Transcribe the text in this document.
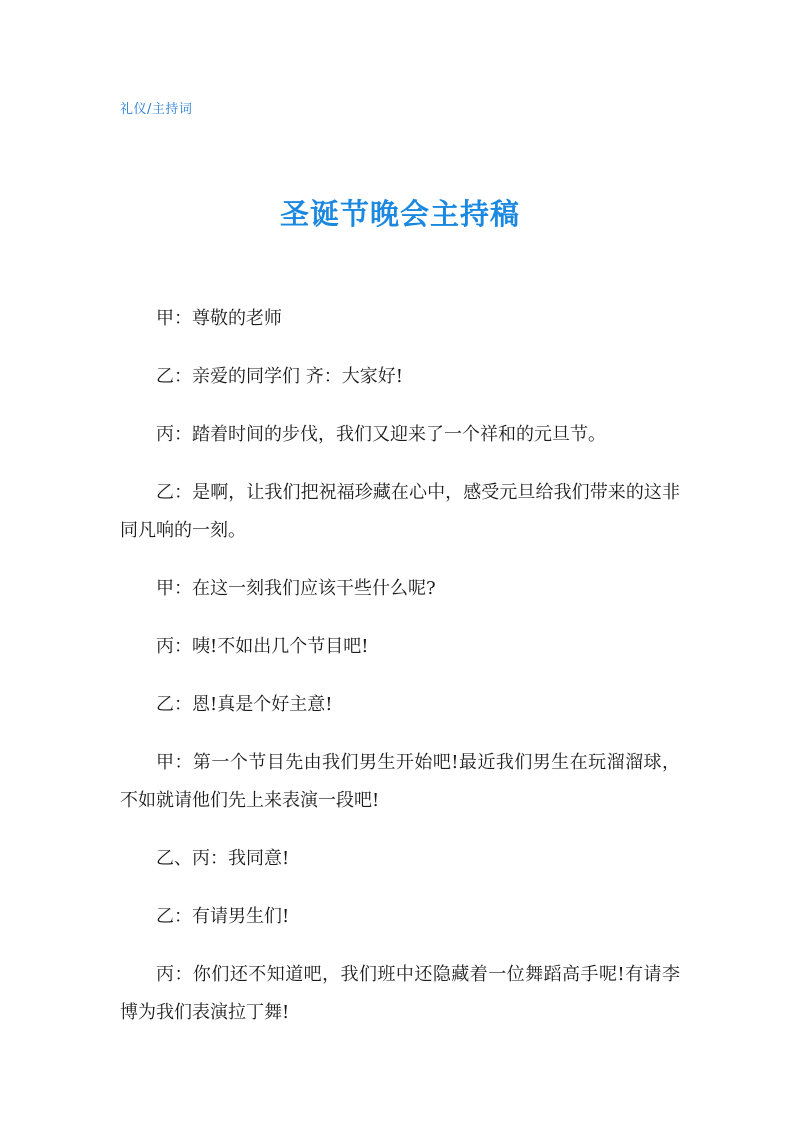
礼仪/主持词
圣诞节晚会主持稿

甲：尊敬的老师

乙：亲爱的同学们 齐：大家好!

丙：踏着时间的步伐，我们又迎来了一个祥和的元旦节。

乙：是啊，让我们把祝福珍藏在心中，感受元旦给我们带来的这非同凡响的一刻。

甲：在这一刻我们应该干些什么呢?

丙：咦!不如出几个节目吧!

乙：恩!真是个好主意!

甲：第一个节目先由我们男生开始吧!最近我们男生在玩溜溜球，不如就请他们先上来表演一段吧!

乙、丙：我同意!

乙：有请男生们!

丙：你们还不知道吧，我们班中还隐藏着一位舞蹈高手呢!有请李博为我们表演拉丁舞!
